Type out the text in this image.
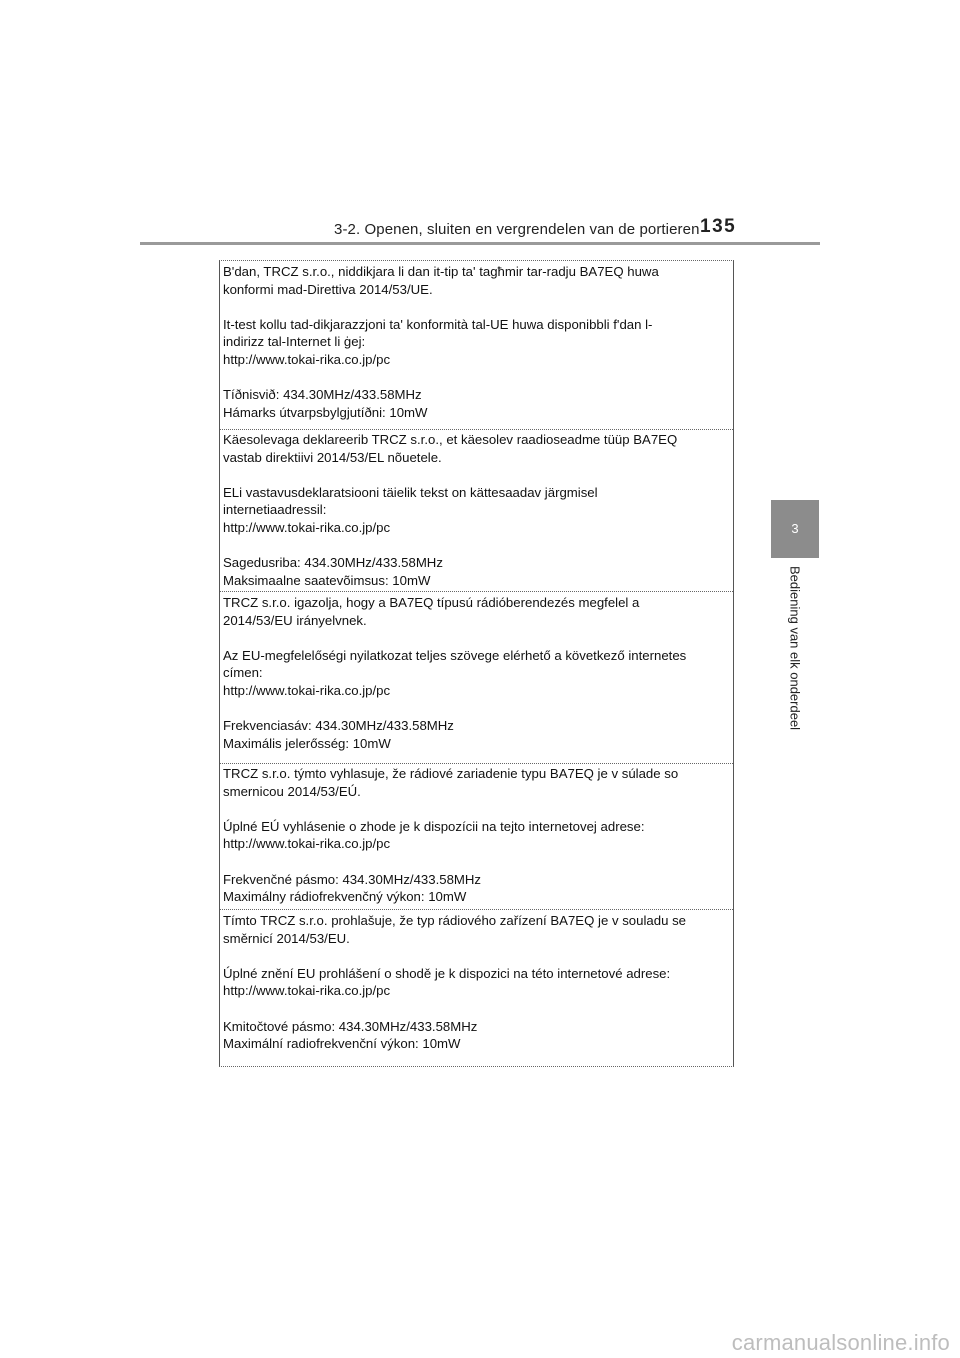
3-2. Openen, sluiten en vergrendelen van de portieren 135
3
Bediening van elk onderdeel

B'dan, TRCZ s.r.o., niddikjara li dan it-tip ta' tagħmir tar-radju BA7EQ huwa

konformi mad-Direttiva 2014/53/UE.

It-test kollu tad-dikjarazzjoni ta' konformità tal-UE huwa disponibbli f'dan l-

indirizz tal-Internet li ġej:

http://www.tokai-rika.co.jp/pc

Tíðnisvið: 434.30MHz/433.58MHz

Hámarks útvarpsbylgjutíðni: 10mW

Käesolevaga deklareerib TRCZ s.r.o., et käesolev raadioseadme tüüp BA7EQ

vastab direktiivi 2014/53/EL nõuetele.

ELi vastavusdeklaratsiooni täielik tekst on kättesaadav järgmisel

internetiaadressil:

http://www.tokai-rika.co.jp/pc

Sagedusriba: 434.30MHz/433.58MHz

Maksimaalne saatevõimsus: 10mW

TRCZ s.r.o. igazolja, hogy a BA7EQ típusú rádióberendezés megfelel a

2014/53/EU irányelvnek.

Az EU-megfelelőségi nyilatkozat teljes szövege elérhető a következő internetes

címen:

http://www.tokai-rika.co.jp/pc

Frekvenciasáv: 434.30MHz/433.58MHz

Maximális jelerősség: 10mW

TRCZ s.r.o. týmto vyhlasuje, že rádiové zariadenie typu BA7EQ je v súlade so

smernicou 2014/53/EÚ.

Úplné EÚ vyhlásenie o zhode je k dispozícii na tejto internetovej adrese:

http://www.tokai-rika.co.jp/pc

Frekvenčné pásmo: 434.30MHz/433.58MHz

Maximálny rádiofrekvenčný výkon: 10mW

Tímto TRCZ s.r.o. prohlašuje, že typ rádiového zařízení BA7EQ je v souladu se

směrnicí 2014/53/EU.

Úplné znění EU prohlášení o shodě je k dispozici na této internetové adrese:

http://www.tokai-rika.co.jp/pc

Kmitočtové pásmo: 434.30MHz/433.58MHz

Maximální radiofrekvenční výkon: 10mW

carmanualsonline.info
